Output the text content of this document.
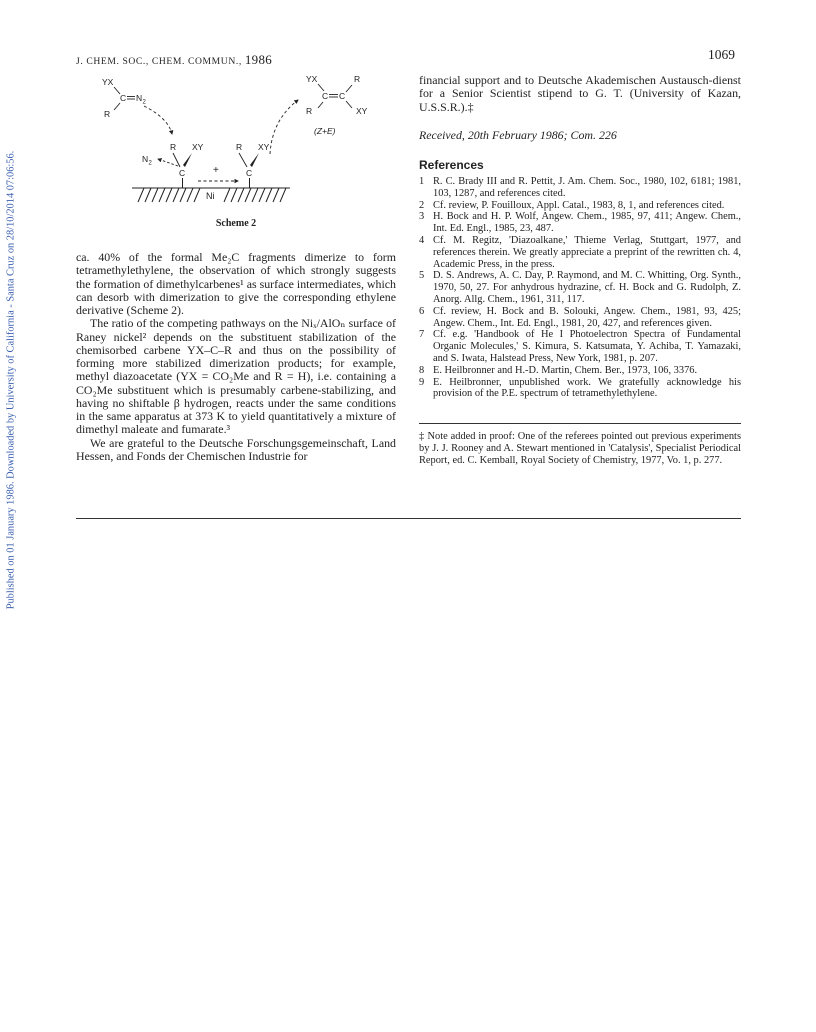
Published on 01 January 1986. Downloaded by University of California - Santa Cruz on 28/10/2014 07:06:56.
J. CHEM. SOC., CHEM. COMMUN., 1986	1069
YX
C N 2
R
YX
C C
R
R	XY
(Z+E)
R XY
C
N 2
+
R XY
C
Ni
Scheme 2

ca. 40% of the formal Me₂C fragments dimerize to form tetramethylethylene, the observation of which strongly suggests the formation of dimethylcarbenes¹ as surface intermediates, which can desorb with dimerization to give the corresponding ethylene derivative (Scheme 2).

The ratio of the competing pathways on the Niₓ/AlOₙ surface of Raney nickel² depends on the substituent stabilization of the chemisorbed carbene YX–C–R and thus on the possibility of forming more stabilized dimerization products; for example, methyl diazoacetate (YX = CO₂Me and R = H), i.e. containing a CO₂Me substituent which is presumably carbene-stabilizing, and having no shiftable β hydrogen, reacts under the same conditions in the same apparatus at 373 K to yield quantitatively a mixture of dimethyl maleate and fumarate.³

We are grateful to the Deutsche Forschungsgemeinschaft, Land Hessen, and Fonds der Chemischen Industrie for

financial support and to Deutsche Akademischen Austausch-dienst for a Senior Scientist stipend to G. T. (University of Kazan, U.S.S.R.).‡

Received, 20th February 1986; Com. 226
References
1 R. C. Brady III and R. Pettit, J. Am. Chem. Soc., 1980, 102, 6181; 1981, 103, 1287, and references cited.
2 Cf. review, P. Fouilloux, Appl. Catal., 1983, 8, 1, and references cited.
3 H. Bock and H. P. Wolf, Angew. Chem., 1985, 97, 411; Angew. Chem., Int. Ed. Engl., 1985, 23, 487.
4 Cf. M. Regitz, 'Diazoalkane,' Thieme Verlag, Stuttgart, 1977, and references therein. We greatly appreciate a preprint of the rewritten ch. 4, Academic Press, in the press.
5 D. S. Andrews, A. C. Day, P. Raymond, and M. C. Whitting, Org. Synth., 1970, 50, 27. For anhydrous hydrazine, cf. H. Bock and G. Rudolph, Z. Anorg. Allg. Chem., 1961, 311, 117.
6 Cf. review, H. Bock and B. Solouki, Angew. Chem., 1981, 93, 425; Angew. Chem., Int. Ed. Engl., 1981, 20, 427, and references given.
7 Cf. e.g. 'Handbook of He I Photoelectron Spectra of Fundamental Organic Molecules,' S. Kimura, S. Katsumata, Y. Achiba, T. Yamazaki, and S. Iwata, Halstead Press, New York, 1981, p. 207.
8 E. Heilbronner and H.-D. Martin, Chem. Ber., 1973, 106, 3376.
9 E. Heilbronner, unpublished work. We gratefully acknowledge his provision of the P.E. spectrum of tetramethylethylene.
‡ Note added in proof: One of the referees pointed out previous experiments by J. J. Rooney and A. Stewart mentioned in 'Catalysis', Specialist Periodical Report, ed. C. Kemball, Royal Society of Chemistry, 1977, Vo. 1, p. 277.
